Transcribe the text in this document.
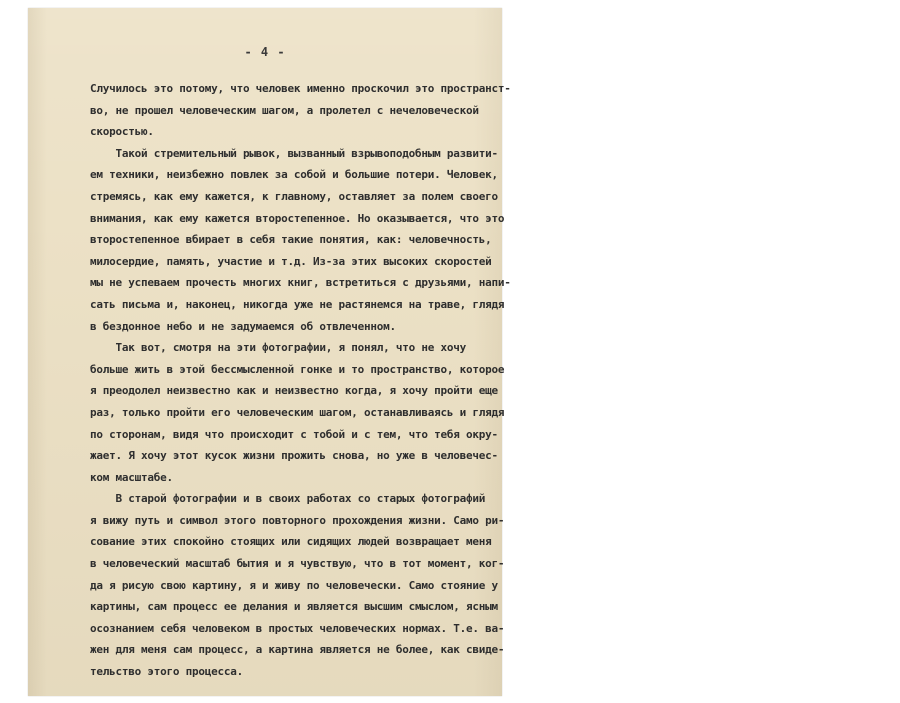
- 4 -
Случилось это потому, что человек именно проскочил это пространст-
во, не прошел человеческим шагом, а пролетел с нечеловеческой
скоростью.
Такой стремительный рывок, вызванный взрывоподобным развити-
ем техники, неизбежно повлек за собой и большие потери. Человек,
стремясь, как ему кажется, к главному, оставляет за полем своего
внимания, как ему кажется второстепенное. Но оказывается, что это
второстепенное вбирает в себя такие понятия, как: человечность,
милосердие, память, участие и т.д. Из-за этих высоких скоростей
мы не успеваем прочесть многих книг, встретиться с друзьями, напи-
сать письма и, наконец, никогда уже не растянемся на траве, глядя
в бездонное небо и не задумаемся об отвлеченном.
Так вот, смотря на эти фотографии, я понял, что не хочу
больше жить в этой бессмысленной гонке и то пространство, которое
я преодолел неизвестно как и неизвестно когда, я хочу пройти еще
раз, только пройти его человеческим шагом, останавливаясь и глядя
по сторонам, видя что происходит с тобой и с тем, что тебя окру-
жает. Я хочу этот кусок жизни прожить снова, но уже в человечес-
ком масштабе.
В старой фотографии и в своих работах со старых фотографий
я вижу путь и символ этого повторного прохождения жизни. Само ри-
сование этих спокойно стоящих или сидящих людей возвращает меня
в человеческий масштаб бытия и я чувствую, что в тот момент, ког-
да я рисую свою картину, я и живу по человечески. Само стояние у
картины, сам процесс ее делания и является высшим смыслом, ясным
осознанием себя человеком в простых человеческих нормах. Т.е. ва-
жен для меня сам процесс, а картина является не более, как свиде-
тельство этого процесса.
